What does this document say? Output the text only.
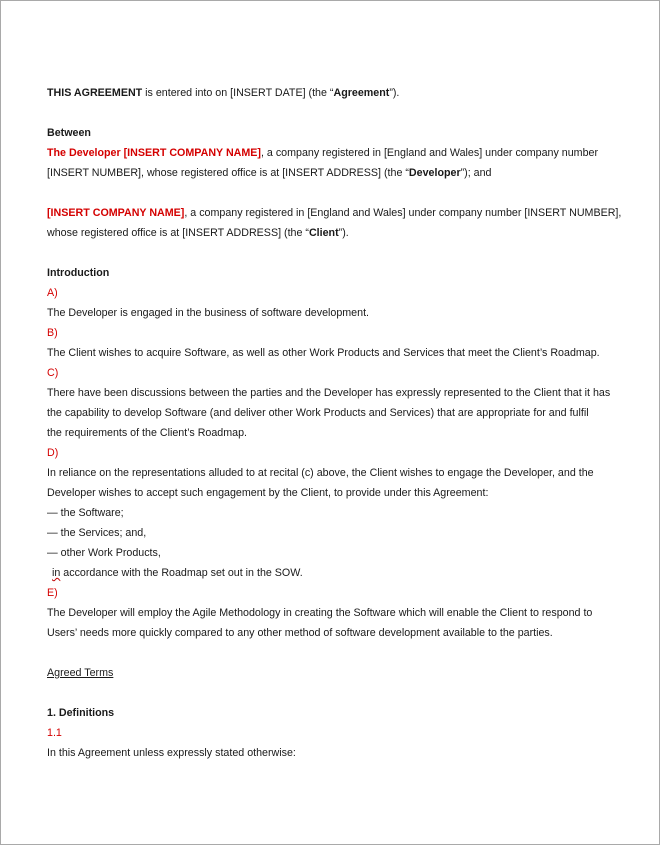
THIS AGREEMENT is entered into on [INSERT DATE] (the “Agreement”).
Between
The Developer [INSERT COMPANY NAME], a company registered in [England and Wales] under company number
[INSERT NUMBER], whose registered office is at [INSERT ADDRESS] (the “Developer”); and
[INSERT COMPANY NAME], a company registered in [England and Wales] under company number [INSERT NUMBER],
whose registered office is at [INSERT ADDRESS] (the “Client”).
Introduction
A)
The Developer is engaged in the business of software development.
B)
The Client wishes to acquire Software, as well as other Work Products and Services that meet the Client’s Roadmap.
C)
There have been discussions between the parties and the Developer has expressly represented to the Client that it has
the capability to develop Software (and deliver other Work Products and Services) that are appropriate for and fulfil
the requirements of the Client’s Roadmap.
D)
In reliance on the representations alluded to at recital (c) above, the Client wishes to engage the Developer, and the
Developer wishes to accept such engagement by the Client, to provide under this Agreement:
— the Software;
— the Services; and,
— other Work Products,
in accordance with the Roadmap set out in the SOW.
E)
The Developer will employ the Agile Methodology in creating the Software which will enable the Client to respond to
Users’ needs more quickly compared to any other method of software development available to the parties.
Agreed Terms
1. Definitions
1.1
In this Agreement unless expressly stated otherwise:
